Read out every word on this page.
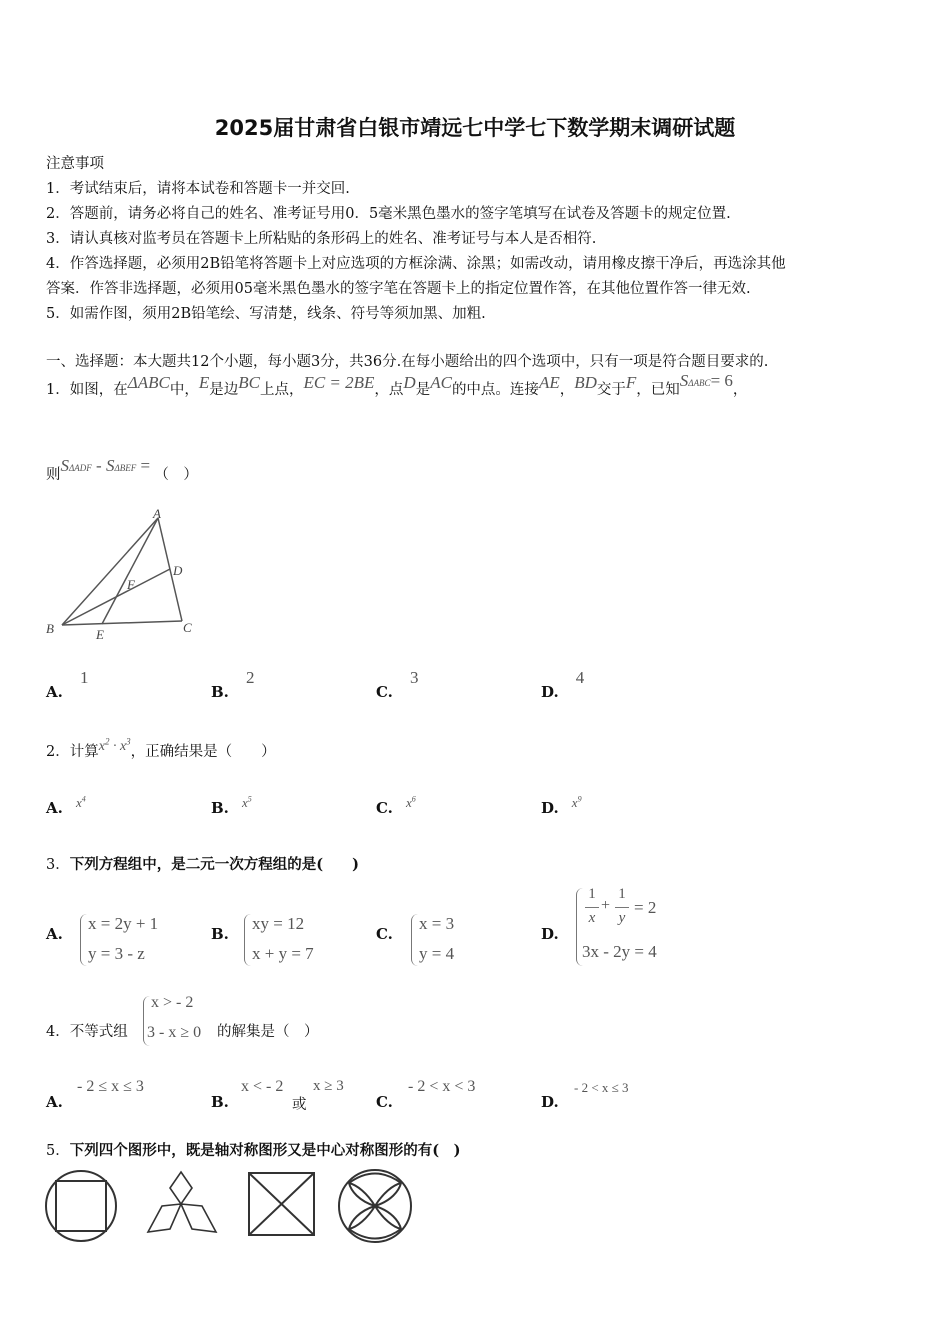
2025届甘肃省白银市靖远七中学七下数学期末调研试题
注意事项
1．考试结束后，请将本试卷和答题卡一并交回.
2．答题前，请务必将自己的姓名、准考证号用0．5毫米黑色墨水的签字笔填写在试卷及答题卡的规定位置.
3．请认真核对监考员在答题卡上所粘贴的条形码上的姓名、准考证号与本人是否相符.
4．作答选择题，必须用2B铅笔将答题卡上对应选项的方框涂满、涂黑；如需改动，请用橡皮擦干净后，再选涂其他
答案．作答非选择题，必须用05毫米黑色墨水的签字笔在答题卡上的指定位置作答，在其他位置作答一律无效.
5．如需作图，须用2B铅笔绘、写清楚，线条、符号等须加黑、加粗.
一、选择题：本大题共12个小题，每小题3分，共36分.在每小题给出的四个选项中，只有一项是符合题目要求的.
1．如图，在ΔABC中，E是边BC上点，EC = 2BE，点D是AC的中点。连接AE，BD交于F，已知SΔABC= 6，
则SΔADF - SΔBEF = （　）
A
B	C
D
E
F
A. 1
B. 2
C. 3
D. 4
2．计算$x^2 \cdot x^3$，正确结果是（　　）
A. $^{x^4}$	B. $^{x^5}$	C. $^{x^6}$	D. $^{x^9}$
3．下列方程组中，是二元一次方程组的是(　　)
A.
x = 2y + 1
y = 3 - z
B.
xy = 12
x + y = 7
C.
x = 3
y = 4
D.
1
x
+
1
y
= 2
3x - 2y = 4
x > - 2
3 - x ≥ 0
4．不等式组	的解集是（　）
A.
- 2 ≤ x ≤ 3
B.
x < - 2
或
x ≥ 3
C.
- 2 < x < 3
D.
- 2 < x ≤ 3
5．下列四个图形中，既是轴对称图形又是中心对称图形的有(　)
